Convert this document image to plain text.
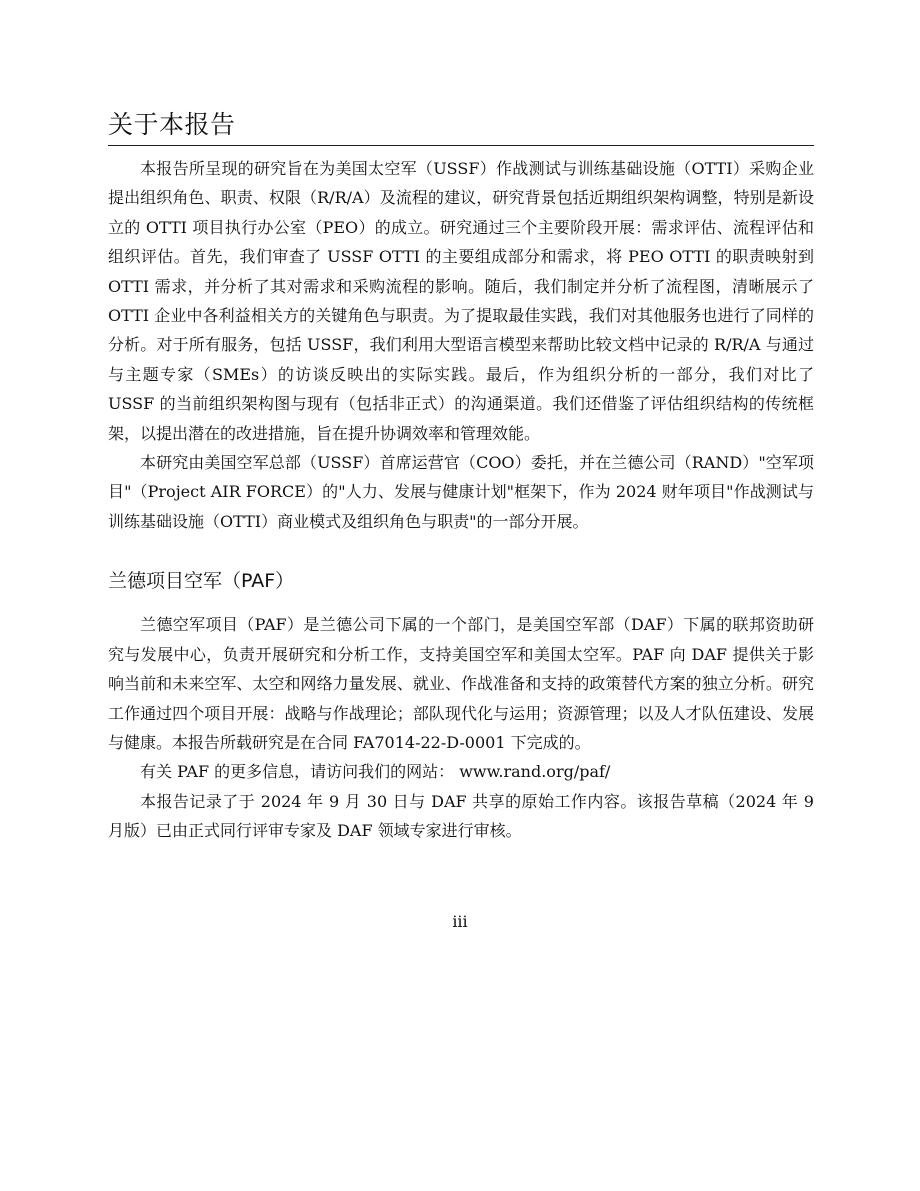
关于本报告

本报告所呈现的研究旨在为美国太空军（USSF）作战测试与训练基础设施（OTTI）采购企业提出组织角色、职责、权限（R/R/A）及流程的建议，研究背景包括近期组织架构调整，特别是新设立的 OTTI 项目执行办公室（PEO）的成立。研究通过三个主要阶段开展：需求评估、流程评估和组织评估。首先，我们审查了 USSF OTTI 的主要组成部分和需求，将 PEO OTTI 的职责映射到 OTTI 需求，并分析了其对需求和采购流程的影响。随后，我们制定并分析了流程图，清晰展示了 OTTI 企业中各利益相关方的关键角色与职责。为了提取最佳实践，我们对其他服务也进行了同样的分析。对于所有服务，包括 USSF，我们利用大型语言模型来帮助比较文档中记录的 R/R/A 与通过与主题专家（SMEs）的访谈反映出的实际实践。最后，作为组织分析的一部分，我们对比了 USSF 的当前组织架构图与现有（包括非正式）的沟通渠道。我们还借鉴了评估组织结构的传统框架，以提出潜在的改进措施，旨在提升协调效率和管理效能。

本研究由美国空军总部（USSF）首席运营官（COO）委托，并在兰德公司（RAND）"空军项目"（Project AIR FORCE）的"人力、发展与健康计划"框架下，作为 2024 财年项目"作战测试与训练基础设施（OTTI）商业模式及组织角色与职责"的一部分开展。

兰德项目空军（PAF）

兰德空军项目（PAF）是兰德公司下属的一个部门，是美国空军部（DAF）下属的联邦资助研究与发展中心，负责开展研究和分析工作，支持美国空军和美国太空军。PAF 向 DAF 提供关于影响当前和未来空军、太空和网络力量发展、就业、作战准备和支持的政策替代方案的独立分析。研究工作通过四个项目开展：战略与作战理论；部队现代化与运用；资源管理；以及人才队伍建设、发展与健康。本报告所载研究是在合同 FA7014-22-D-0001 下完成的。

有关 PAF 的更多信息，请访问我们的网站： www.rand.org/paf/

本报告记录了于 2024 年 9 月 30 日与 DAF 共享的原始工作内容。该报告草稿（2024 年 9 月版）已由正式同行评审专家及 DAF 领域专家进行审核。

iii
